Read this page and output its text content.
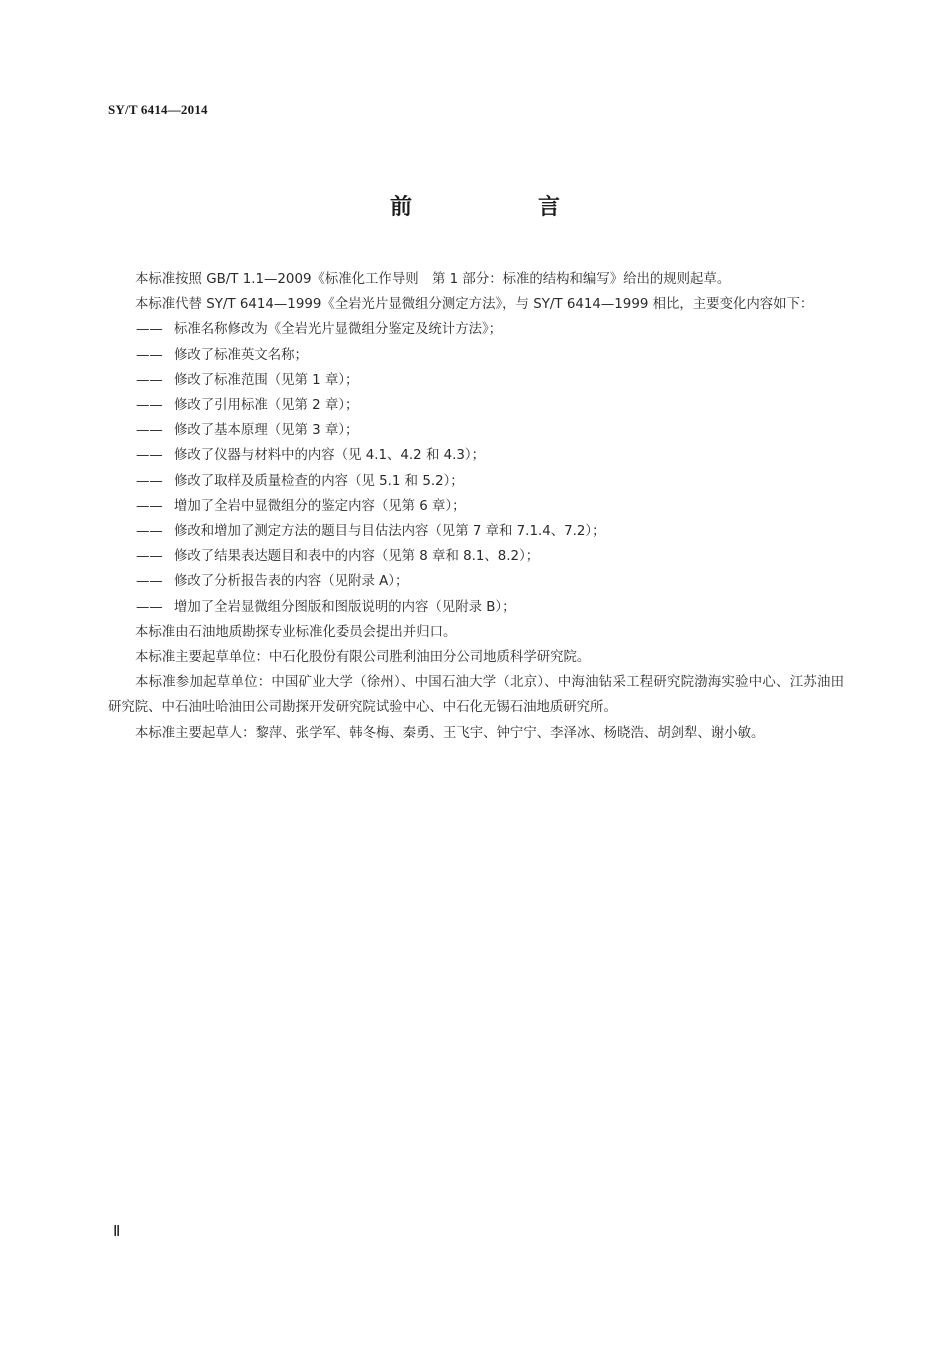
SY/T 6414—2014

前　言

本标准按照 GB/T 1.1—2009《标准化工作导则　第 1 部分：标准的结构和编写》给出的规则起草。

本标准代替 SY/T 6414—1999《全岩光片显微组分测定方法》，与 SY/T 6414—1999 相比，主要变化内容如下：

—— 标准名称修改为《全岩光片显微组分鉴定及统计方法》；
—— 修改了标准英文名称；
—— 修改了标准范围（见第 1 章）；
—— 修改了引用标准（见第 2 章）；
—— 修改了基本原理（见第 3 章）；
—— 修改了仪器与材料中的内容（见 4.1、4.2 和 4.3）；
—— 修改了取样及质量检查的内容（见 5.1 和 5.2）；
—— 增加了全岩中显微组分的鉴定内容（见第 6 章）；
—— 修改和增加了测定方法的题目与目估法内容（见第 7 章和 7.1.4、7.2）；
—— 修改了结果表达题目和表中的内容（见第 8 章和 8.1、8.2）；
—— 修改了分析报告表的内容（见附录 A）；
—— 增加了全岩显微组分图版和图版说明的内容（见附录 B）；

本标准由石油地质勘探专业标准化委员会提出并归口。

本标准主要起草单位：中石化股份有限公司胜利油田分公司地质科学研究院。

本标准参加起草单位：中国矿业大学（徐州）、中国石油大学（北京）、中海油钻采工程研究院渤海实验中心、江苏油田研究院、中石油吐哈油田公司勘探开发研究院试验中心、中石化无锡石油地质研究所。

本标准主要起草人：黎萍、张学军、韩冬梅、秦勇、王飞宇、钟宁宁、李泽冰、杨晓浩、胡剑犁、谢小敏。

Ⅱ
